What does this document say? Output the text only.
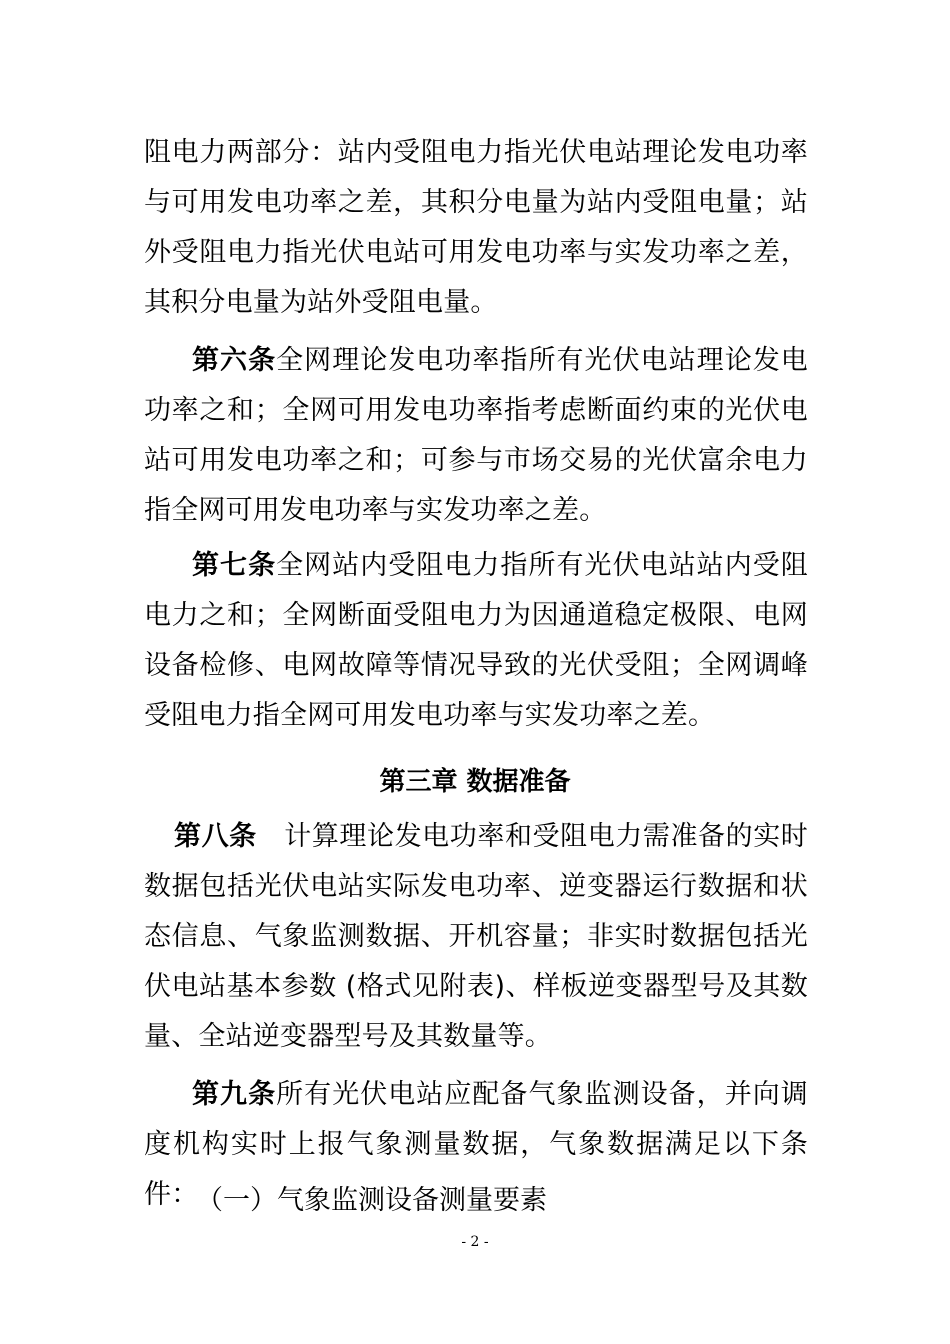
阻电力两部分：站内受阻电力指光伏电站理论发电功率与可用发电功率之差，其积分电量为站内受阻电量；站外受阻电力指光伏电站可用发电功率与实发功率之差，其积分电量为站外受阻电量。

第六条全网理论发电功率指所有光伏电站理论发电功率之和；全网可用发电功率指考虑断面约束的光伏电站可用发电功率之和；可参与市场交易的光伏富余电力指全网可用发电功率与实发功率之差。

第七条全网站内受阻电力指所有光伏电站站内受阻电力之和；全网断面受阻电力为因通道稳定极限、电网设备检修、电网故障等情况导致的光伏受阻；全网调峰受阻电力指全网可用发电功率与实发功率之差。

第三章 数据准备

第八条 计算理论发电功率和受阻电力需准备的实时数据包括光伏电站实际发电功率、逆变器运行数据和状态信息、气象监测数据、开机容量；非实时数据包括光伏电站基本参数 (格式见附表)、样板逆变器型号及其数量、全站逆变器型号及其数量等。

第九条所有光伏电站应配备气象监测设备，并向调度机构实时上报气象测量数据，气象数据满足以下条件：

（一）气象监测设备测量要素

- 2 -
